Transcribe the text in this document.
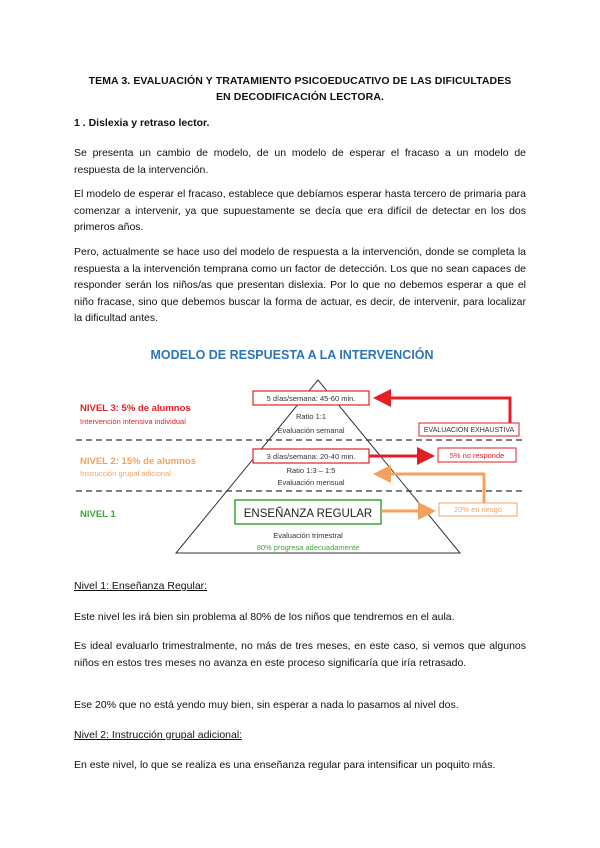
TEMA 3. EVALUACIÓN Y TRATAMIENTO PSICOEDUCATIVO DE LAS DIFICULTADES
EN DECODIFICACIÓN LECTORA.
1 . Dislexia y retraso lector.

Se presenta un cambio de modelo, de un modelo de esperar el fracaso a un modelo de respuesta de la intervención.

El modelo de esperar el fracaso, establece que debíamos esperar hasta tercero de primaria para comenzar a intervenir, ya que supuestamente se decía que era difícil de detectar en los dos primeros años.

Pero, actualmente se hace uso del modelo de respuesta a la intervención, donde se completa la respuesta a la intervención temprana como un factor de detección. Los que no sean capaces de responder serán los niños/as que presentan dislexia. Por lo que no debemos esperar a que el niño fracase, sino que debemos buscar la forma de actuar, es decir, de intervenir, para localizar la dificultad antes.

MODELO DE RESPUESTA A LA INTERVENCIÓN
NIVEL 3: 5% de alumnos
Intervención intensiva individual
NIVEL 2: 15% de alumnos
Instrucción grupal adicional
NIVEL 1
5 días/semana: 45-60 min.
Ratio 1:1
Evaluación semanal
3 días/semana: 20-40 min.
Ratio 1:3 – 1:5
Evaluación mensual
ENSEÑANZA REGULAR
Evaluación trimestral
80% progresa adecuadamente
EVALUACIÓN EXHAUSTIVA
5% no responde
20% en riesgo

Nivel 1: Enseñanza Regular:

Este nivel les irá bien sin problema al 80% de los niños que tendremos en el aula.

Es ideal evaluarlo trimestralmente, no más de tres meses, en este caso, si vemos que algunos niños en estos tres meses no avanza en este proceso significaría que iría retrasado.

Ese 20% que no está yendo muy bien, sin esperar a nada lo pasamos al nivel dos.

Nivel 2: Instrucción grupal adicional:

En este nivel, lo que se realiza es una enseñanza regular para intensificar un poquito más.
